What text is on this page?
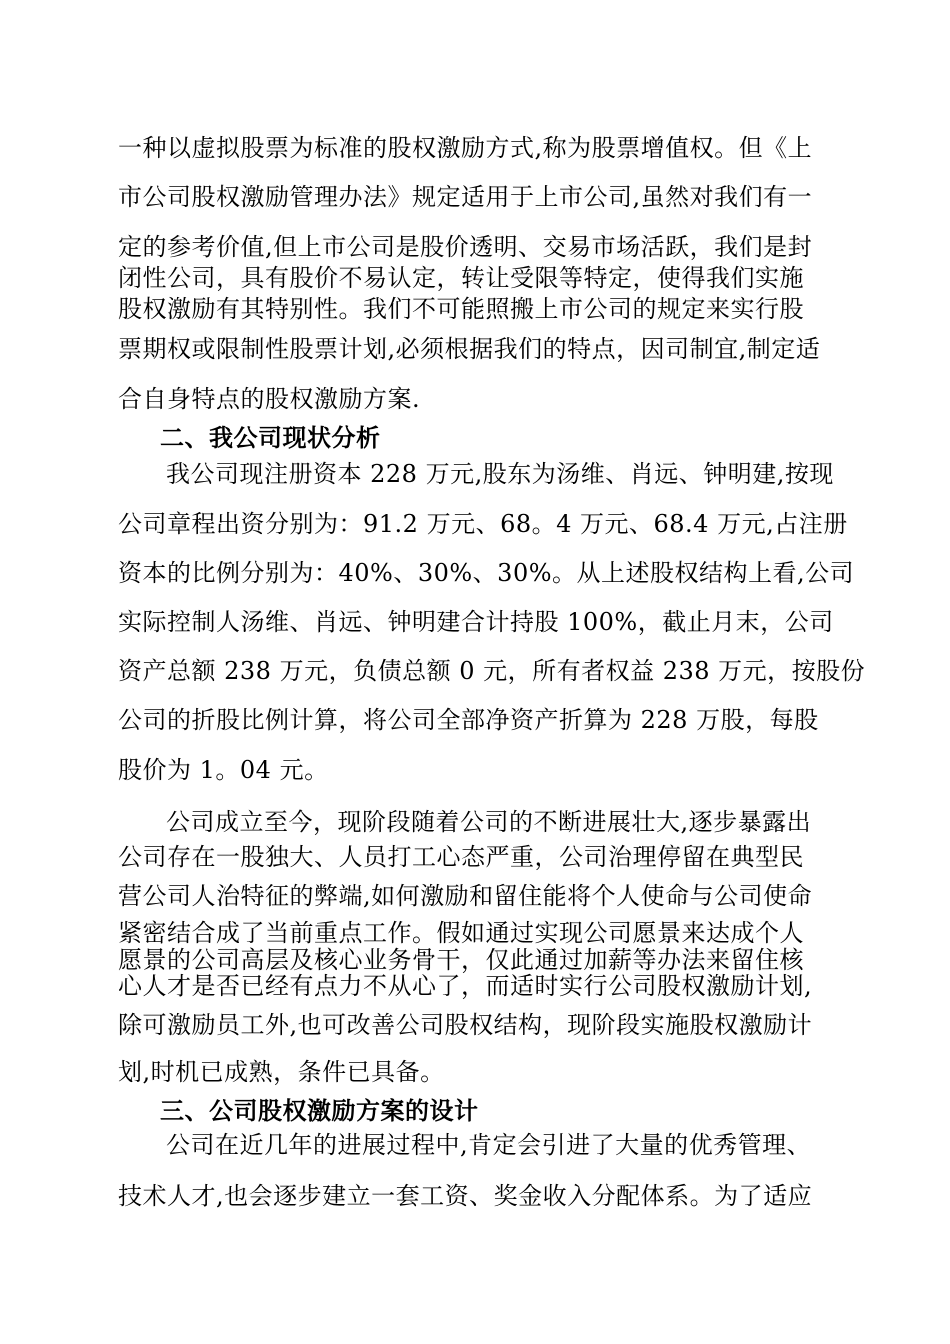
一种以虚拟股票为标准的股权激励方式,称为股票增值权。但《上
市公司股权激励管理办法》规定适用于上市公司,虽然对我们有一
定的参考价值,但上市公司是股价透明、交易市场活跃，我们是封
闭性公司，具有股价不易认定，转让受限等特定，使得我们实施
股权激励有其特别性。我们不可能照搬上市公司的规定来实行股
票期权或限制性股票计划,必须根据我们的特点，因司制宜,制定适
合自身特点的股权激励方案.
二、我公司现状分析
我公司现注册资本 228 万元,股东为汤维、肖远、钟明建,按现
公司章程出资分别为：91.2 万元、68。4 万元、68.4 万元,占注册
资本的比例分别为：40%、30%、30%。从上述股权结构上看,公司
实际控制人汤维、肖远、钟明建合计持股 100%，截止月末，公司
资产总额 238 万元，负债总额 0 元，所有者权益 238 万元，按股份
公司的折股比例计算，将公司全部净资产折算为 228 万股，每股
股价为 1。04 元。
公司成立至今，现阶段随着公司的不断进展壮大,逐步暴露出
公司存在一股独大、人员打工心态严重，公司治理停留在典型民
营公司人治特征的弊端,如何激励和留住能将个人使命与公司使命
紧密结合成了当前重点工作。假如通过实现公司愿景来达成个人
愿景的公司高层及核心业务骨干，仅此通过加薪等办法来留住核
心人才是否已经有点力不从心了，而适时实行公司股权激励计划,
除可激励员工外,也可改善公司股权结构，现阶段实施股权激励计
划,时机已成熟，条件已具备。
三、公司股权激励方案的设计
公司在近几年的进展过程中,肯定会引进了大量的优秀管理、
技术人才,也会逐步建立一套工资、奖金收入分配体系。为了适应
